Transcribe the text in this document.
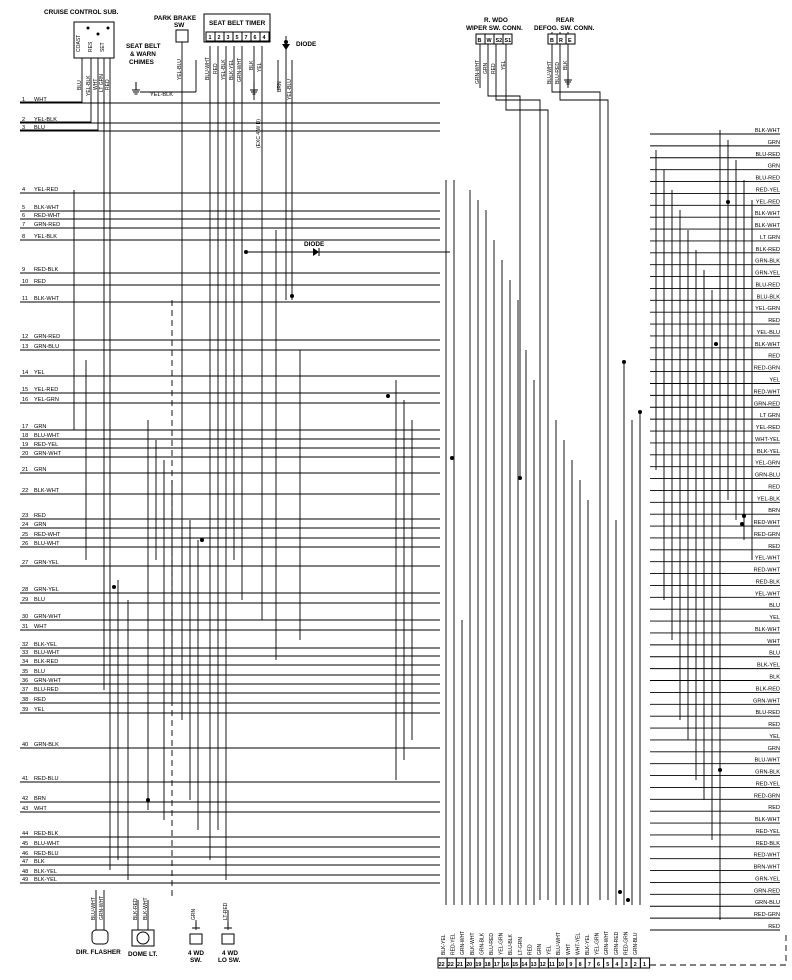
CRUISE CONTROL SUB.
COAST RES SET
PARK BRAKE
SW
SEAT BELT
& WARN
CHIMES
YEL-BLK
SEAT BELT TIMER
1 2 3 5 7 6 4
DIODE
DIODE
(EXC 4 W D)
R. WDO
WIPER SW. CONN.
B W S2 S1
REAR
DEFOG. SW. CONN.
B R E
BLU YEL-BLK WHT LT GRN RED
YEL-BLU	BLU-WHT RED YEL-BLK BLK-YEL GRN-WHT BLK YEL
BRN YEL-BLU
GRN-WHT GRN RED YEL	BLU-WHT BLU-RED BLK
1 WHT
2 YEL-BLK
3 BLU
4 YEL-RED
5 BLK-WHT
6 RED-WHT
7 GRN-RED
8 YEL-BLK
9 RED-BLK
10 RED
11 BLK-WHT
12 GRN-RED
13 GRN-BLU
14 YEL
15 YEL-RED
16 YEL-GRN
17 GRN
18 BLU-WHT
19 RED-YEL
20 GRN-WHT
21 GRN
22 BLK-WHT
23 RED
24 GRN
25 RED-WHT
26 BLU-WHT
27 GRN-YEL
28 GRN-YEL
29 BLU
30 GRN-WHT
31 WHT
32 BLK-YEL
33 BLU-WHT
34 BLK-RED
35 BLU
36 GRN-WHT
37 BLU-RED
38 RED
39 YEL
40 GRN-BLK
41 RED-BLU
42 BRN
43 WHT
44 RED-BLK
45 BLU-WHT
46 RED-BLU
47 BLK
48 BLK-YEL
49 BLK-YEL
BLK-WHT
GRN
BLU-RED
GRN
BLU-RED
RED-YEL
YEL-RED
BLK-WHT
BLK-WHT
LT GRN
BLK-RED
GRN-BLK
GRN-YEL
BLU-RED
BLU-BLK
YEL-GRN
RED
YEL-BLU
BLK-WHT
RED
RED-GRN
YEL
RED-WHT
GRN-RED
LT GRN
YEL-RED
WHT-YEL
BLK-YEL
YEL-GRN
GRN-BLU
RED
YEL-BLK
BRN
RED-WHT
RED-GRN
RED
YEL-WHT
RED-WHT
RED-BLK
YEL-WHT
BLU
YEL
BLK-WHT
WHT
BLU
BLK-YEL
BLK
BLK-RED
GRN-WHT
BLU-RED
RED
YEL
GRN
BLU-WHT
GRN-BLK
RED-YEL
RED-GRN
RED
BLK-WHT
RED-YEL
RED-BLK
RED-WHT
BRN-WHT
GRN-YEL
GRN-RED
GRN-BLU
RED-GRN
RED
22 22 21 20 19 18 17 16 15 14 13 12 11 10 9 8 7 6 5 4 3 2 1
BLK-YEL RED-YEL GRN-WHT BLK-WHT GRN-BLK BLU-RED YEL-GRN BLU-BLK LT-GRN RED GRN YEL BLU-WHT WHT WHT-YEL BLK-YEL YEL-GRN GRN-WHT GRN-RED RED-GRN GRN-BLU
DIR. FLASHER
BLU-WHT GRN-WHT
DOME LT.
BLK-RED BLK-WHT
4 WD
SW.
GRN
4 WD
LO SW.
LT-RED
